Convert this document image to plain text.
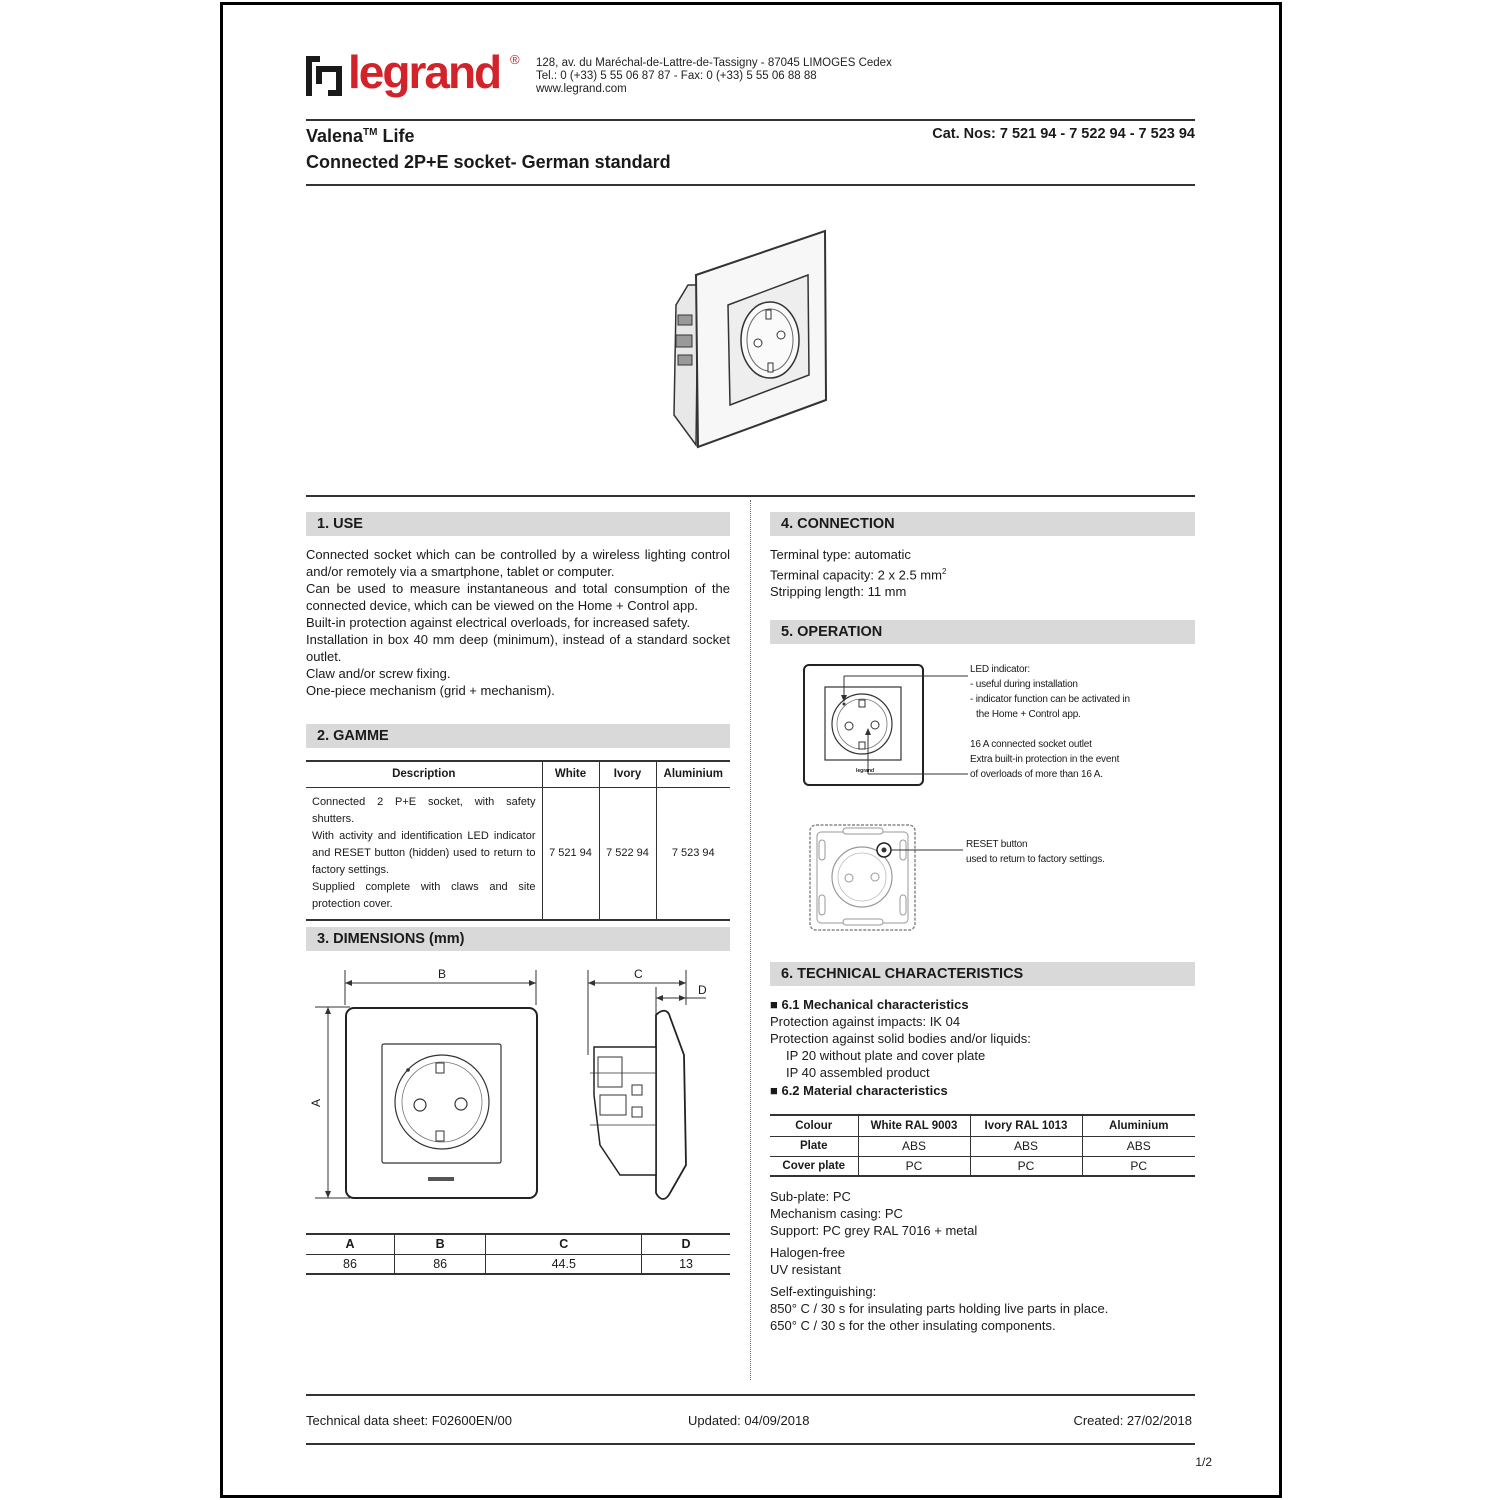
legrand ® 128, av. du Maréchal-de-Lattre-de-Tassigny - 87045 LIMOGES Cedex
Tel.: 0 (+33) 5 55 06 87 87 - Fax: 0 (+33) 5 55 06 88 88
www.legrand.com
Valena™ Life
Connected 2P+E socket- German standard
Cat. Nos: 7 521 94 - 7 522 94 - 7 523 94
1. USE

Connected socket which can be controlled by a wireless lighting control and/or remotely via a smartphone, tablet or computer.

Can be used to measure instantaneous and total consumption of the connected device, which can be viewed on the Home + Control app.

Built-in protection against electrical overloads, for increased safety.

Installation in box 40 mm deep (minimum), instead of a standard socket outlet.

Claw and/or screw fixing.

One-piece mechanism (grid + mechanism).

2. GAMME
Description	White	Ivory	Aluminium

Connected 2 P+E socket, with safety shutters.
With activity and identification LED indicator and RESET button (hidden) used to return to factory settings.
Supplied complete with claws and site protection cover.	7 521 94	7 522 94	7 523 94
3. DIMENSIONS (mm)
B
A
C
D
A	B	C	D
86	86	44.5	13
4. CONNECTION

Terminal type: automatic

Terminal capacity: 2 x 2.5 $mm^2$

Stripping length: 11 mm

5. OPERATION
legrand
LED indicator:
- useful during installation
- indicator function can be activated in
the Home + Control app.
16 A connected socket outlet
Extra built-in protection in the event
of overloads of more than 16 A.
RESET button
used to return to factory settings.
6. TECHNICAL CHARACTERISTICS

■ 6.1 Mechanical characteristics

Protection against impacts: IK 04

Protection against solid bodies and/or liquids:

IP 20 without plate and cover plate

IP 40 assembled product

■ 6.2 Material characteristics

Colour	White RAL 9003	Ivory RAL 1013	Aluminium
Plate	ABS	ABS	ABS
Cover plate	PC	PC	PC

Sub-plate: PC

Mechanism casing: PC

Support: PC grey RAL 7016 + metal

Halogen-free

UV resistant

Self-extinguishing:

850° C / 30 s for insulating parts holding live parts in place.

650° C / 30 s for the other insulating components.

Technical data sheet: F02600EN/00	Updated: 04/09/2018	Created: 27/02/2018
1/2
